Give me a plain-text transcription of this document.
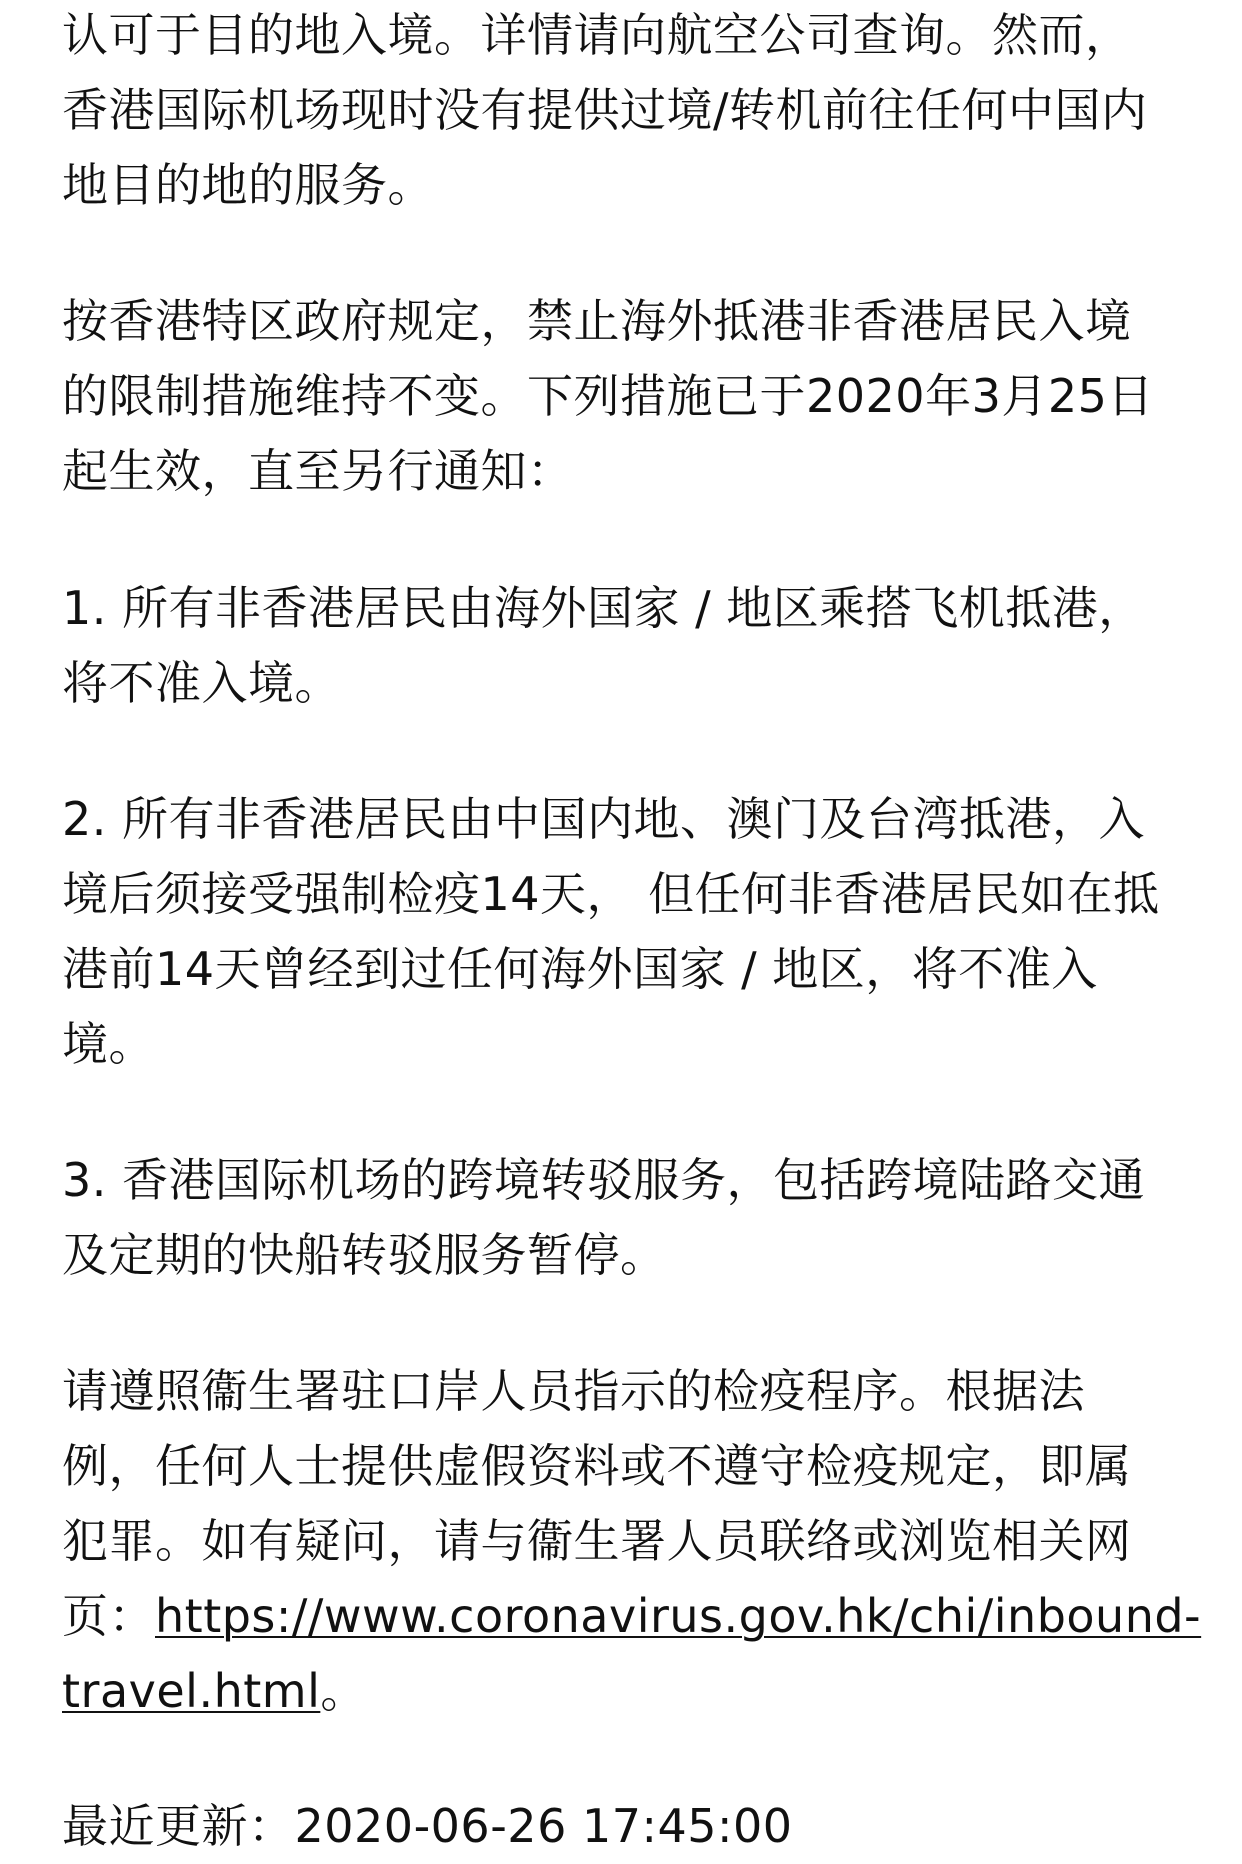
认可于目的地入境。详情请向航空公司查询。然而，
香港国际机场现时没有提供过境/转机前往任何中国内
地目的地的服务。
按香港特区政府规定，禁止海外抵港非香港居民入境
的限制措施维持不变。下列措施已于2020年3月25日
起生效，直至另行通知：
1. 所有非香港居民由海外国家 / 地区乘搭飞机抵港，
将不准入境。
2. 所有非香港居民由中国内地、澳门及台湾抵港，入
境后须接受强制检疫14天， 但任何非香港居民如在抵
港前14天曾经到过任何海外国家 / 地区，将不准入
境。
3. 香港国际机场的跨境转驳服务，包括跨境陆路交通
及定期的快船转驳服务暂停。
请遵照衞生署驻口岸人员指示的检疫程序。根据法
例，任何人士提供虚假资料或不遵守检疫规定，即属
犯罪。如有疑问，请与衞生署人员联络或浏览相关网
页：https://www.coronavirus.gov.hk/chi/inbound-
travel.html。
最近更新：2020-06-26 17:45:00
